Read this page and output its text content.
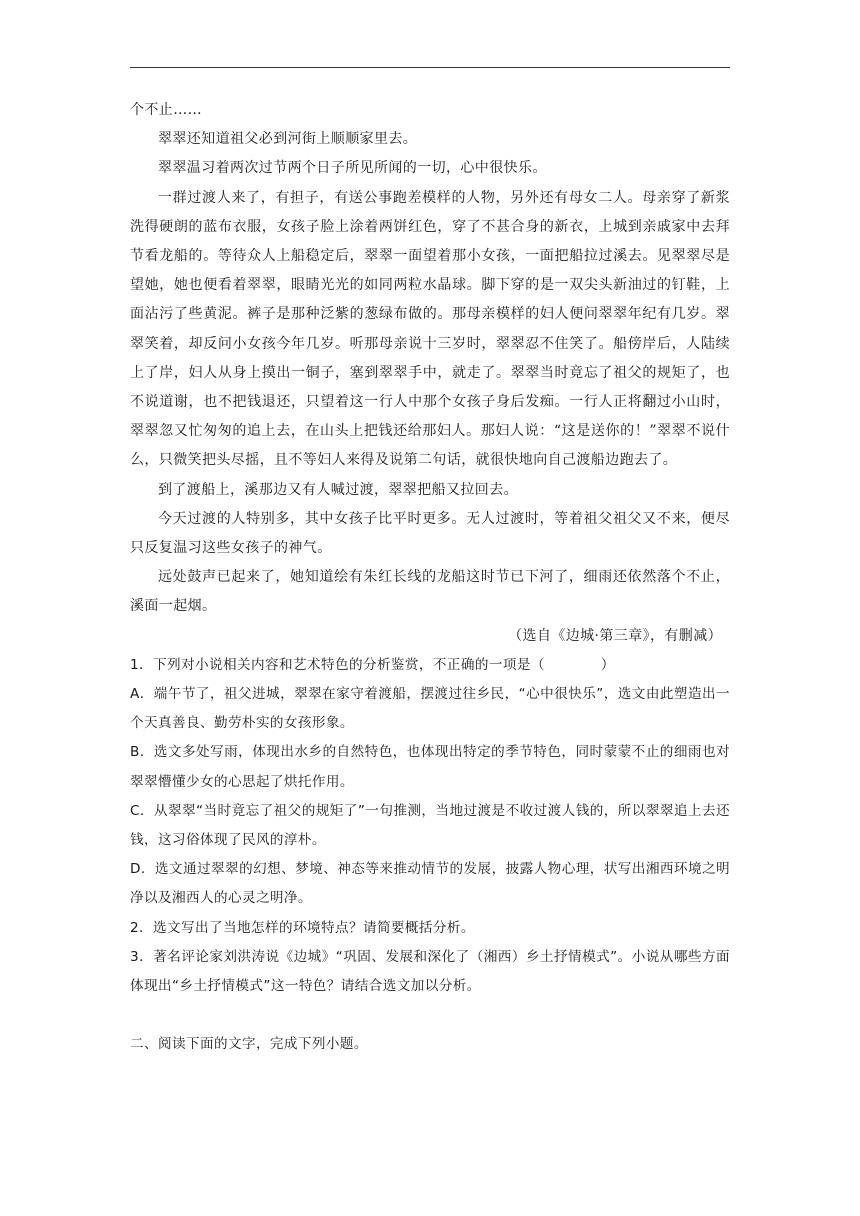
个不止……

翠翠还知道祖父必到河街上顺顺家里去。

翠翠温习着两次过节两个日子所见所闻的一切，心中很快乐。

一群过渡人来了，有担子，有送公事跑差模样的人物，另外还有母女二人。母亲穿了新浆洗得硬朗的蓝布衣服，女孩子脸上涂着两饼红色，穿了不甚合身的新衣，上城到亲戚家中去拜节看龙船的。等待众人上船稳定后，翠翠一面望着那小女孩，一面把船拉过溪去。见翠翠尽是望她，她也便看着翠翠，眼睛光光的如同两粒水晶球。脚下穿的是一双尖头新油过的钉鞋，上面沾污了些黄泥。裤子是那种泛紫的葱绿布做的。那母亲模样的妇人便问翠翠年纪有几岁。翠翠笑着，却反问小女孩今年几岁。听那母亲说十三岁时，翠翠忍不住笑了。船傍岸后，人陆续上了岸，妇人从身上摸出一铜子，塞到翠翠手中，就走了。翠翠当时竟忘了祖父的规矩了，也不说道谢，也不把钱退还，只望着这一行人中那个女孩子身后发痴。一行人正将翻过小山时，翠翠忽又忙匆匆的追上去，在山头上把钱还给那妇人。那妇人说：“这是送你的！”翠翠不说什么，只微笑把头尽摇，且不等妇人来得及说第二句话，就很快地向自己渡船边跑去了。

到了渡船上，溪那边又有人喊过渡，翠翠把船又拉回去。

今天过渡的人特别多，其中女孩子比平时更多。无人过渡时，等着祖父祖父又不来，便尽只反复温习这些女孩子的神气。

远处鼓声已起来了，她知道绘有朱红长线的龙船这时节已下河了，细雨还依然落个不止，溪面一起烟。

（选自《边城·第三章》，有删减）

1．下列对小说相关内容和艺术特色的分析鉴赏，不正确的一项是（　　　　）

A．端午节了，祖父进城，翠翠在家守着渡船，摆渡过往乡民，“心中很快乐”，选文由此塑造出一个天真善良、勤劳朴实的女孩形象。

B．选文多处写雨，体现出水乡的自然特色，也体现出特定的季节特色，同时蒙蒙不止的细雨也对翠翠懵懂少女的心思起了烘托作用。

C．从翠翠“当时竟忘了祖父的规矩了”一句推测，当地过渡是不收过渡人钱的，所以翠翠追上去还钱，这习俗体现了民风的淳朴。

D．选文通过翠翠的幻想、梦境、神态等来推动情节的发展，披露人物心理，状写出湘西环境之明净以及湘西人的心灵之明净。

2．选文写出了当地怎样的环境特点？请简要概括分析。

3．著名评论家刘洪涛说《边城》“巩固、发展和深化了（湘西）乡土抒情模式”。小说从哪些方面体现出“乡土抒情模式”这一特色？请结合选文加以分析。

二、阅读下面的文字，完成下列小题。
